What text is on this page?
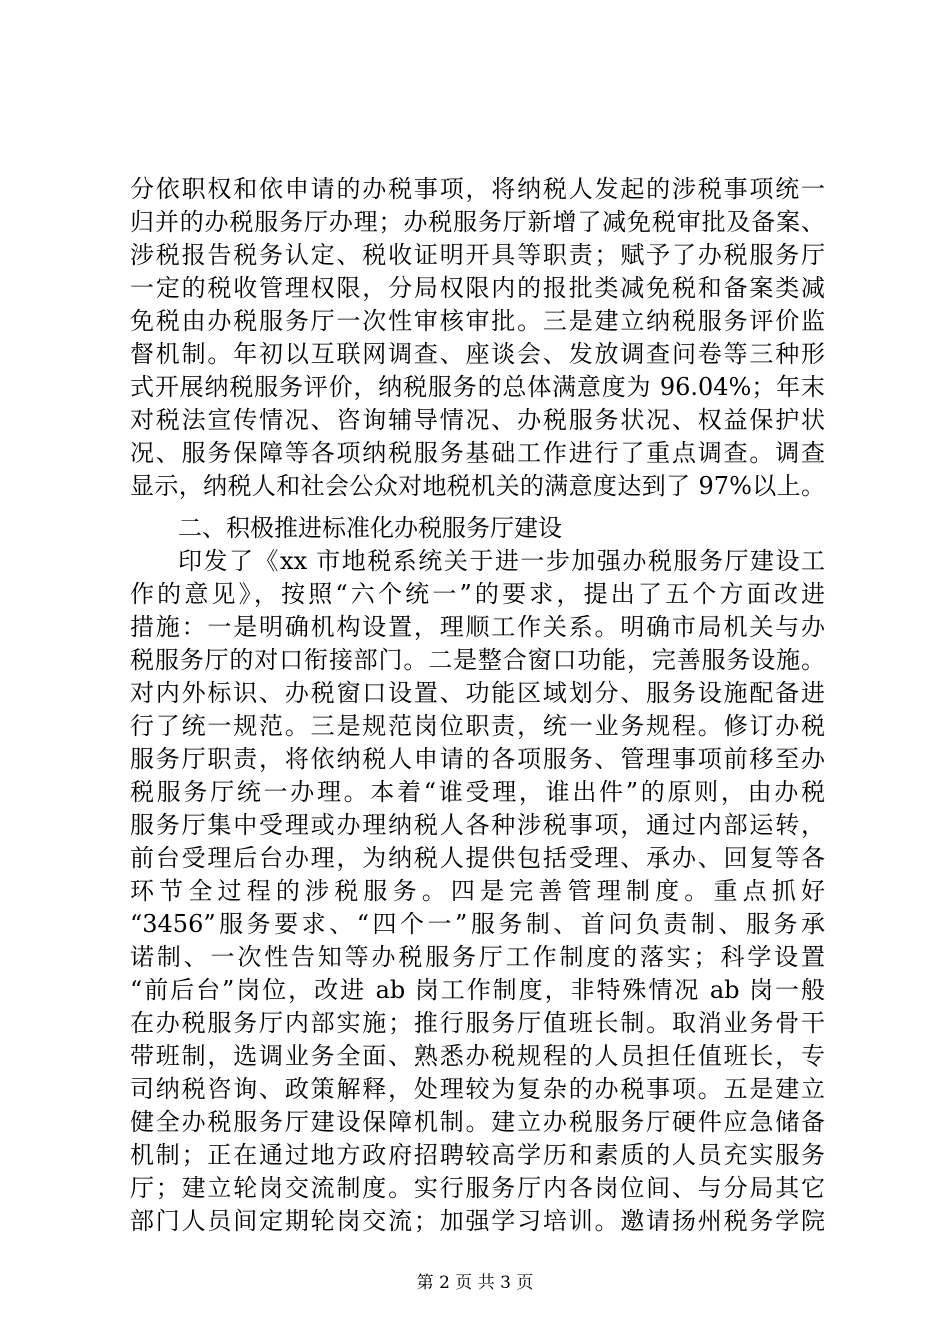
分依职权和依申请的办税事项，将纳税人发起的涉税事项统一
归并的办税服务厅办理；办税服务厅新增了减免税审批及备案、
涉税报告税务认定、税收证明开具等职责；赋予了办税服务厅
一定的税收管理权限，分局权限内的报批类减免税和备案类减
免税由办税服务厅一次性审核审批。三是建立纳税服务评价监
督机制。年初以互联网调查、座谈会、发放调查问卷等三种形
式开展纳税服务评价，纳税服务的总体满意度为 96.04%；年末
对税法宣传情况、咨询辅导情况、办税服务状况、权益保护状
况、服务保障等各项纳税服务基础工作进行了重点调查。调查
显示，纳税人和社会公众对地税机关的满意度达到了 97%以上。
二、积极推进标准化办税服务厅建设
印发了《xx 市地税系统关于进一步加强办税服务厅建设工
作的意见》，按照“六个统一”的要求，提出了五个方面改进
措施：一是明确机构设置，理顺工作关系。明确市局机关与办
税服务厅的对口衔接部门。二是整合窗口功能，完善服务设施。
对内外标识、办税窗口设置、功能区域划分、服务设施配备进
行了统一规范。三是规范岗位职责，统一业务规程。修订办税
服务厅职责，将依纳税人申请的各项服务、管理事项前移至办
税服务厅统一办理。本着“谁受理，谁出件”的原则，由办税
服务厅集中受理或办理纳税人各种涉税事项，通过内部运转，
前台受理后台办理，为纳税人提供包括受理、承办、回复等各
环节全过程的涉税服务。四是完善管理制度。重点抓好
“3456”服务要求、“四个一”服务制、首问负责制、服务承
诺制、一次性告知等办税服务厅工作制度的落实；科学设置
“前后台”岗位，改进 ab 岗工作制度，非特殊情况 ab 岗一般
在办税服务厅内部实施；推行服务厅值班长制。取消业务骨干
带班制，选调业务全面、熟悉办税规程的人员担任值班长，专
司纳税咨询、政策解释，处理较为复杂的办税事项。五是建立
健全办税服务厅建设保障机制。建立办税服务厅硬件应急储备
机制；正在通过地方政府招聘较高学历和素质的人员充实服务
厅；建立轮岗交流制度。实行服务厅内各岗位间、与分局其它
部门人员间定期轮岗交流；加强学习培训。邀请扬州税务学院
第 2 页 共 3 页
